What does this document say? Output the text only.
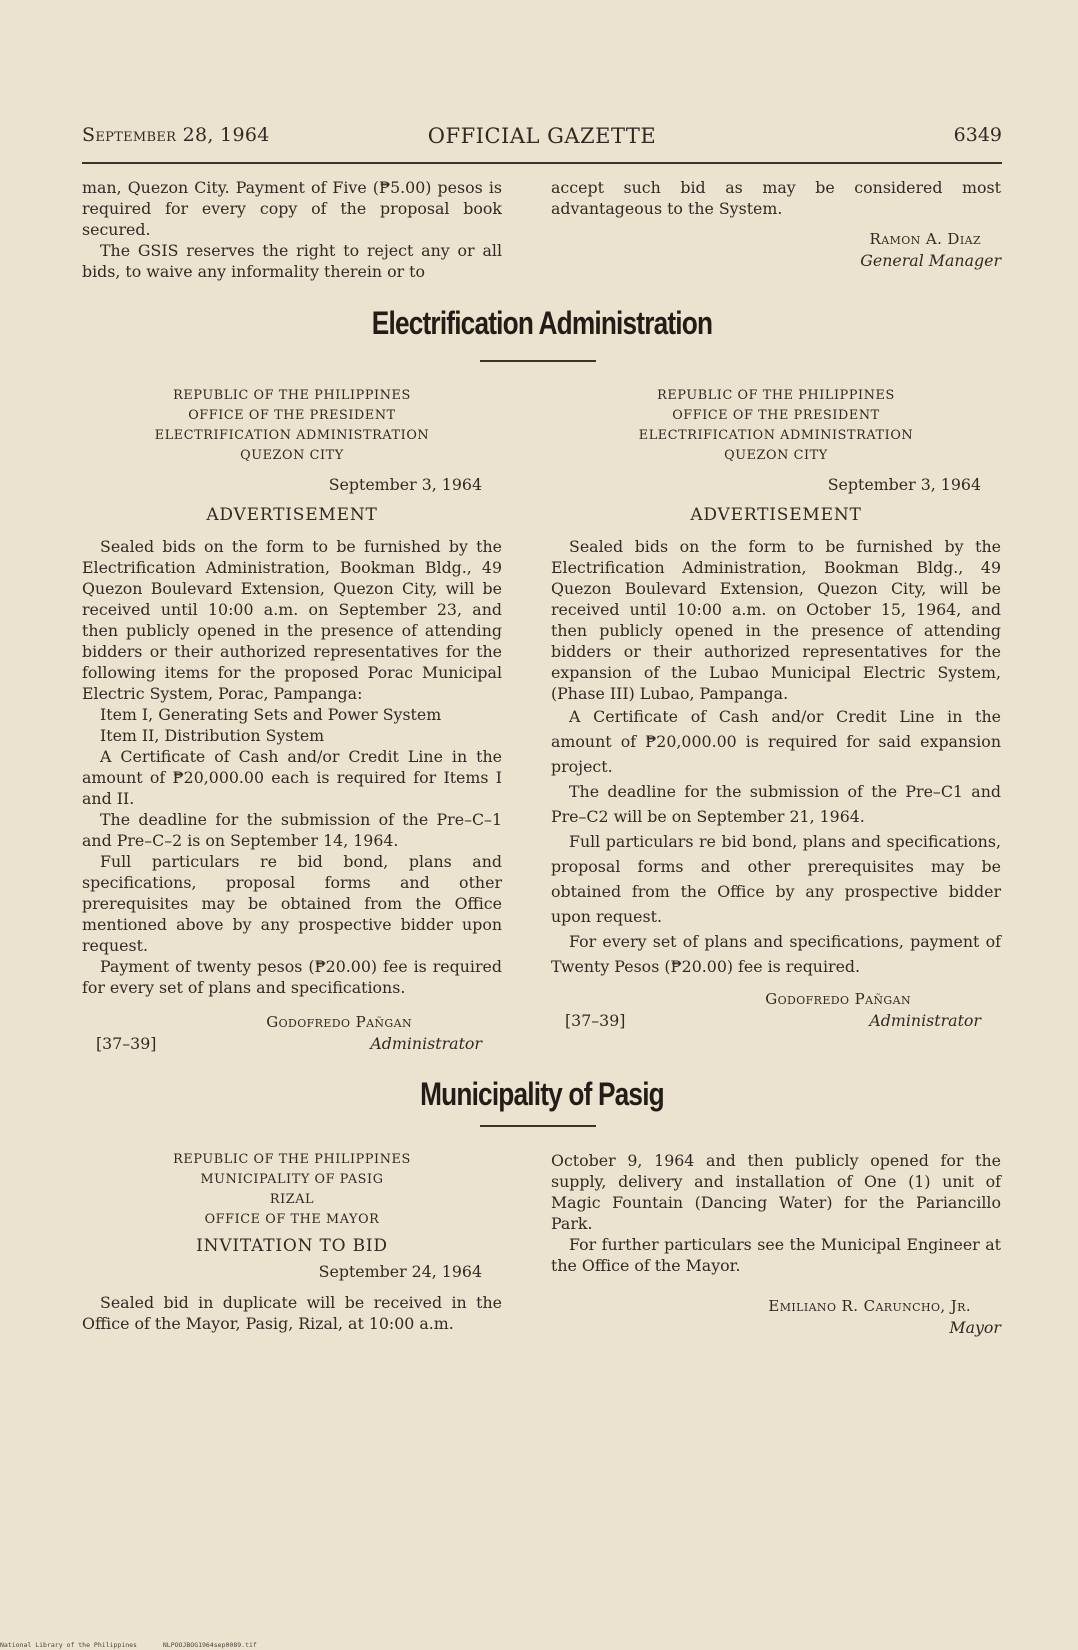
OFFICIAL GAZETTE
September 28, 1964	6349

man, Quezon City. Payment of Five (₱5.00) pesos is required for every copy of the proposal book secured.

The GSIS reserves the right to reject any or all bids, to waive any informality therein or to

accept such bid as may be considered most advantageous to the System.

Ramon A. Diaz

General Manager

Electrification Administration
REPUBLIC OF THE PHILIPPINES
OFFICE OF THE PRESIDENT
ELECTRIFICATION ADMINISTRATION
QUEZON CITY
September 3, 1964
ADVERTISEMENT

Sealed bids on the form to be furnished by the Electrification Administration, Bookman Bldg., 49 Quezon Boulevard Extension, Quezon City, will be received until 10:00 a.m. on September 23, and then publicly opened in the presence of attending bidders or their authorized representatives for the following items for the proposed Porac Municipal Electric System, Porac, Pampanga:

Item I, Generating Sets and Power System

Item II, Distribution System

A Certificate of Cash and/or Credit Line in the amount of ₱20,000.00 each is required for Items I and II.

The deadline for the submission of the Pre–C–1 and Pre–C–2 is on September 14, 1964.

Full particulars re bid bond, plans and specifications, proposal forms and other prerequisites may be obtained from the Office mentioned above by any prospective bidder upon request.

Payment of twenty pesos (₱20.00) fee is required for every set of plans and specifications.

Godofredo Pañgan

[37–39]	Administrator
REPUBLIC OF THE PHILIPPINES
OFFICE OF THE PRESIDENT
ELECTRIFICATION ADMINISTRATION
QUEZON CITY
September 3, 1964
ADVERTISEMENT

Sealed bids on the form to be furnished by the Electrification Administration, Bookman Bldg., 49 Quezon Boulevard Extension, Quezon City, will be received until 10:00 a.m. on October 15, 1964, and then publicly opened in the presence of attending bidders or their authorized representatives for the expansion of the Lubao Municipal Electric System, (Phase III) Lubao, Pampanga.

A Certificate of Cash and/or Credit Line in the amount of ₱20,000.00 is required for said expansion project.

The deadline for the submission of the Pre–C1 and Pre–C2 will be on September 21, 1964.

Full particulars re bid bond, plans and specifications, proposal forms and other prerequisites may be obtained from the Office by any prospective bidder upon request.

For every set of plans and specifications, payment of Twenty Pesos (₱20.00) fee is required.

Godofredo Pañgan

[37–39]	Administrator
Municipality of Pasig
REPUBLIC OF THE PHILIPPINES
MUNICIPALITY OF PASIG
RIZAL
OFFICE OF THE MAYOR
INVITATION TO BID
September 24, 1964

Sealed bid in duplicate will be received in the Office of the Mayor, Pasig, Rizal, at 10:00 a.m.

October 9, 1964 and then publicly opened for the supply, delivery and installation of One (1) unit of Magic Fountain (Dancing Water) for the Pariancillo Park.

For further particulars see the Municipal Engineer at the Office of the Mayor.

Emiliano R. Caruncho, Jr.

Mayor

National Library of the Philippines	NLPOOJBOG1964sep0089.tif
